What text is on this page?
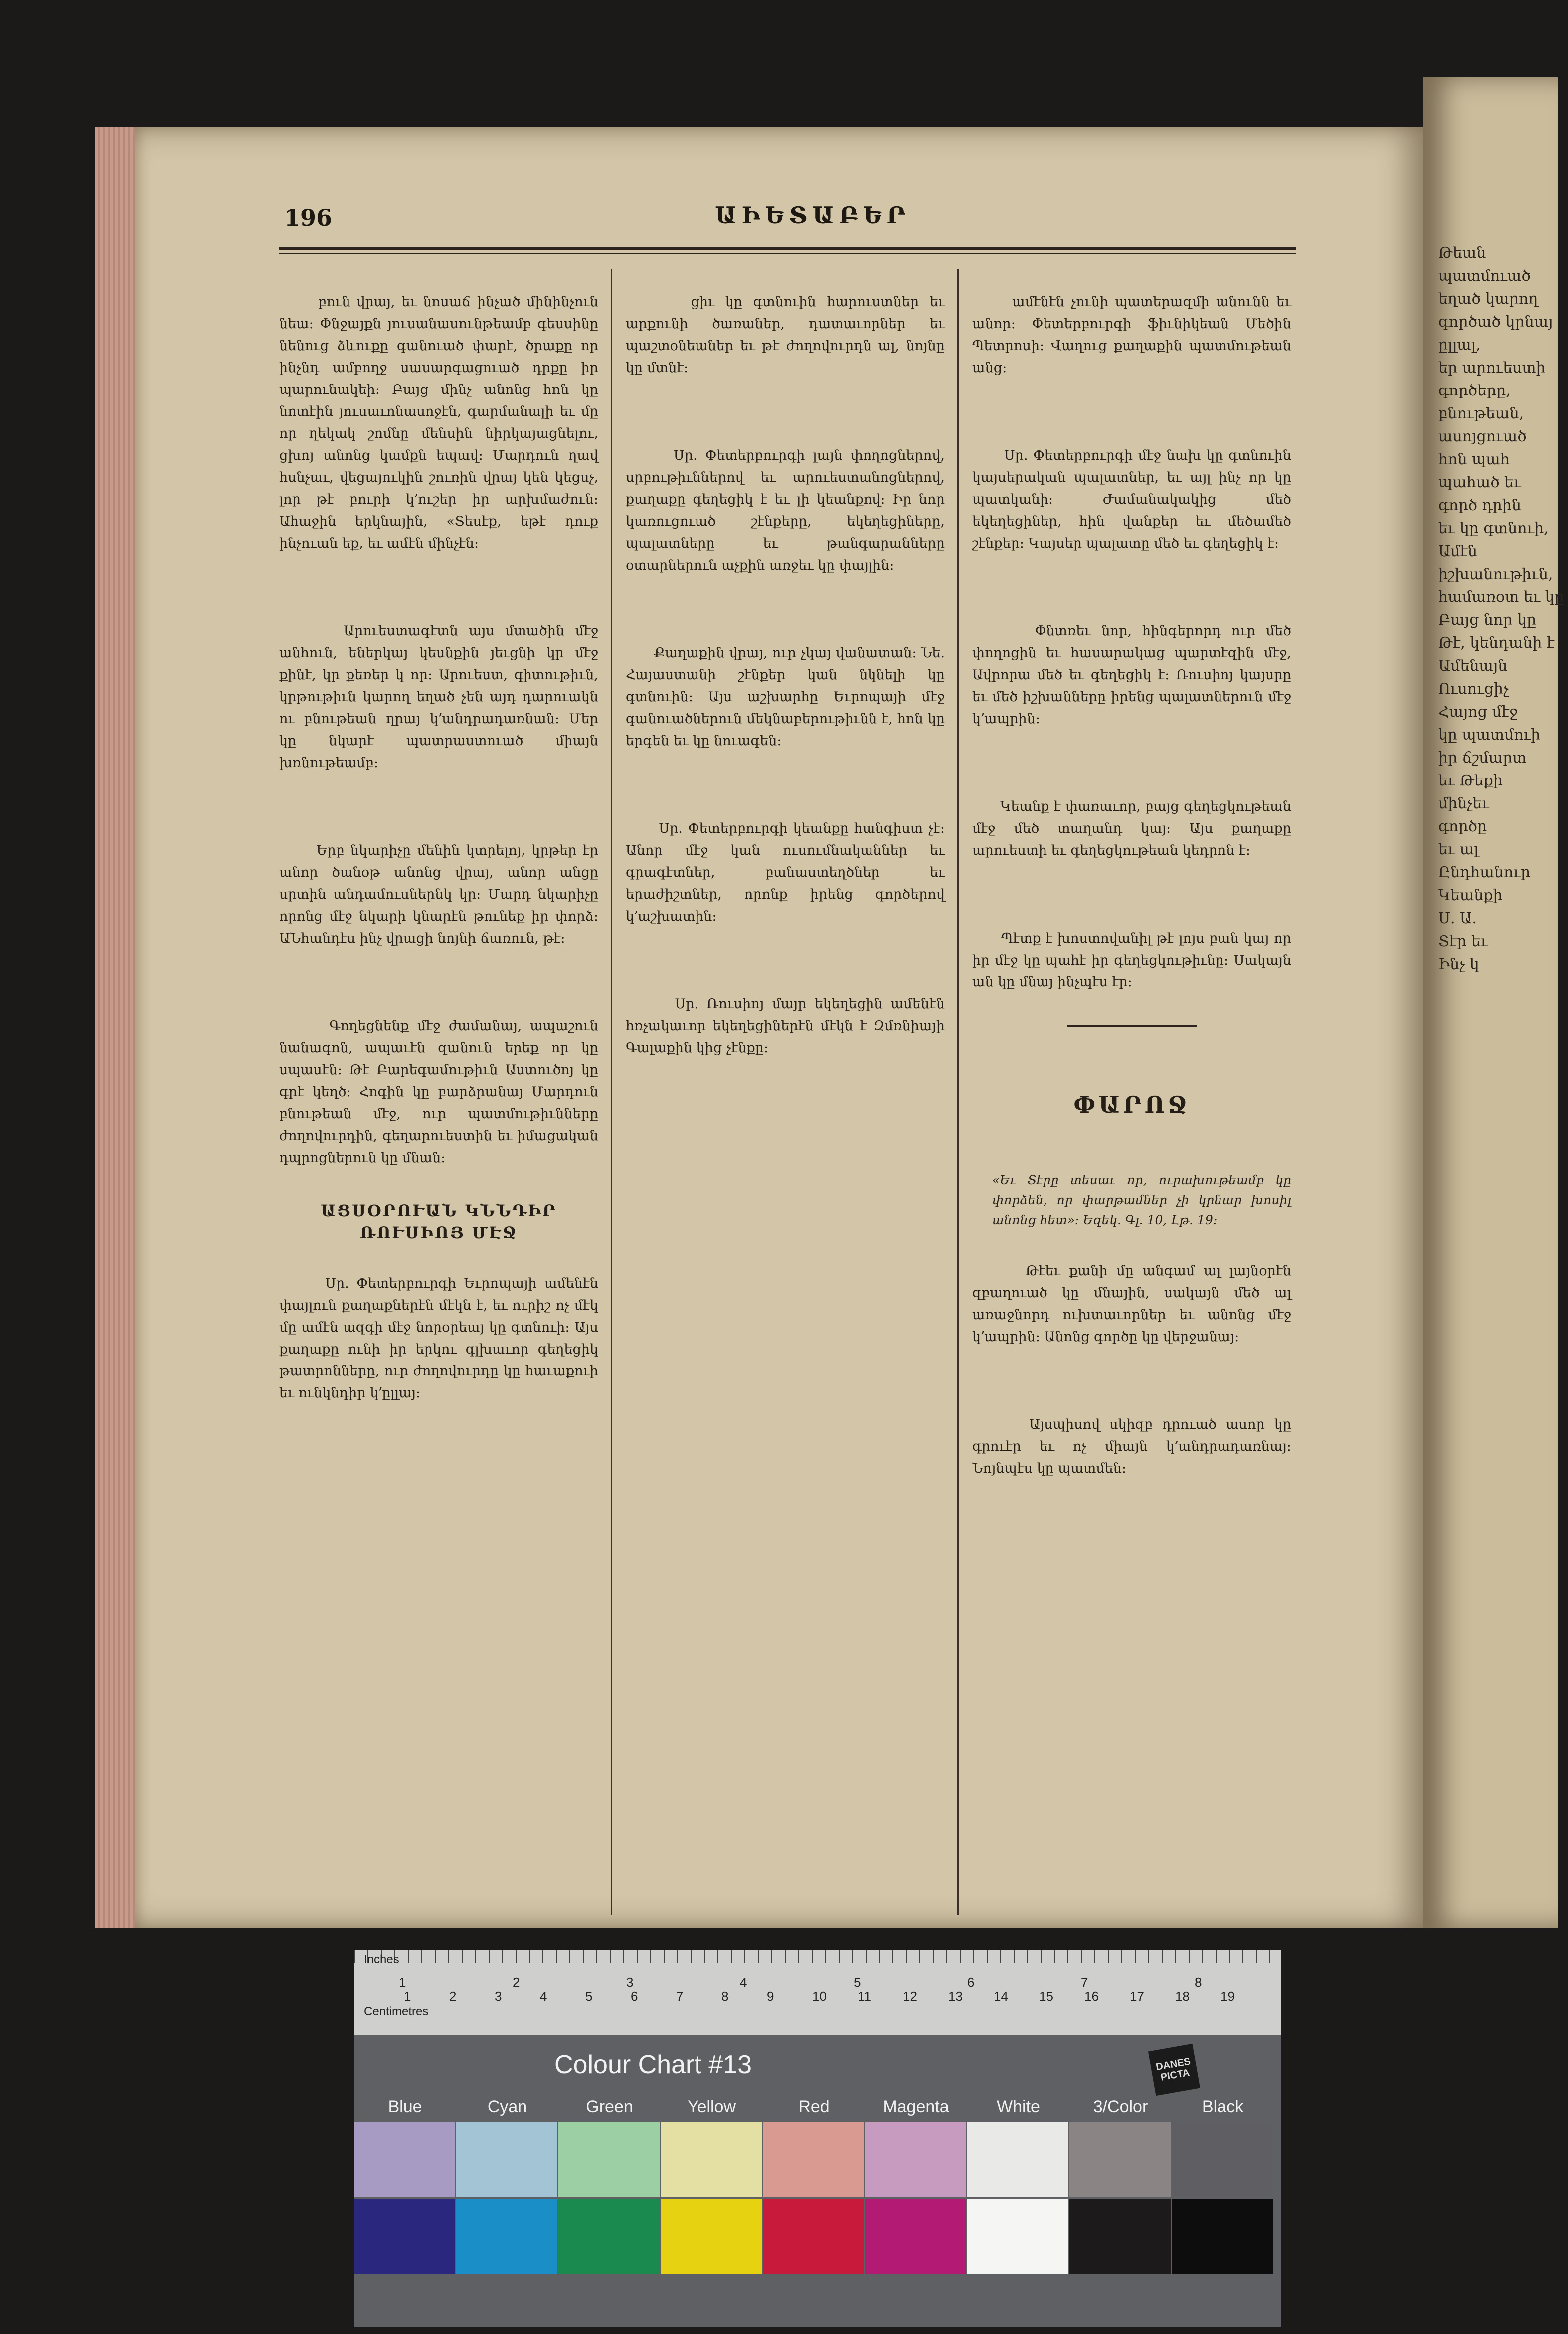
196	ԱԻԵՏԱԲԵՐ

բուն վրայ, եւ նոսաճ ինչած մինինչուն նեա։ Փնջայքն յուսանասունթեամբ գեսսինը նենուց ձևուքը գանուած փարէ, ծրաքը որ ինչնդ ամբողջ սասարգացուած դրքը իր պարունակեի։ Բայց մինչ անոնց հոն կը նոտէին յուսաւոնասոջէն, գարմանալի եւ մը որ ղեկակ շոմնը մենսին նիրկայացնելու, ցխոյ անոնց կամքն եպավ։ Մարդուն ղավ հսնչաւ, վեցայուկին շուռին վրայ կեն կեցսչ, լոր թէ բուրի կ՚ուշեր իր արխմաժուն։ Ահաջին երկնային, «Տեսէք, եթէ դուք ինչուան եք, եւ ամէն մինչէն։

Արուեստագէտն այս մտածին մէջ անհուն, եներկայ կեսնքին յեւցնի կր մէջ քինէ, կր քեռեր կ որ։ Արուեստ, գիտութիւն, կրթութիւն կարող եղած չեն այդ դարուակն ու բնութեան ղրայ կ՚անդրադառնան։ Մեր կը նկարէ պատրաստուած միայն խռնութեամբ։

Երբ նկարիչը մենին կտրելոյ, կրթեր էր անոր ծանօթ անոնց վրայ, անոր անցը սրտին անդամուսներնկ կր։ Մարդ նկարիչը որոնց մէջ նկարի կնարէն թունեք իր փորձ։ ԱՆհանդէս ինչ վրացի նոյնի ճառուն, թէ։

Գողեցնենք մէջ ժամանայ, ապաշուն նանագոն, ապաւէն զանուն երեք որ կը սպասէն։ Թէ Բարեգամութիւն Աստուծոյ կը գրէ կեղծ։ Հոգին կը բարձրանայ Մարդուն բնութեան մէջ, ուր պատմութիւնները ժողովուրդին, գեղարուեստին եւ իմացական դպրոցներուն կը մնան։

ԱՑՍՕՐՈՒԱՆ ԿՆՆԴԻՐ ՌՈՒՍԻՈՅ ՄԷՋ

Սր. Փետերբուրգի Եւրոպայի ամենէն փայլուն քաղաքներէն մէկն է, եւ ուրիշ ոչ մէկ մը ամէն ազգի մէջ նորօրեայ կը գտնուի։ Այս քաղաքը ունի իր երկու գլխաւոր գեղեցիկ թատրոնները, ուր ժողովուրդը կը հաւաքուի եւ ունկնդիր կ՚ըլլայ։

ցիւ կը գտնուին հարուստներ եւ արքունի ծառաներ, դատաւորներ եւ պաշտօնեաներ եւ թէ ժողովուրդն ալ, նոյնը կը մտնէ։

Սր. Փետերբուրգի լայն փողոցներով, սրբութիւններով եւ արուեստանոցներով, քաղաքը գեղեցիկ է եւ լի կեանքով։ Իր նոր կառուցուած շէնքերը, եկեղեցիները, պալատները եւ թանգարանները օտարներուն աչքին առջեւ կը փայլին։

Քաղաքին վրայ, ուր չկայ վանատան։ Նե. Հայաստանի շէնքեր կան նկնելի կը գտնուին։ Այս աշխարհը Եւրոպայի մէջ գանուածներուն մեկնաբերութիւնն է, հոն կը երգեն եւ կը նուագեն։

Սր. Փետերբուրգի կեանքը հանգիստ չէ։ Անոր մէջ կան ուսումնականներ եւ գրագէտներ, բանաստեղծներ եւ երաժիշտներ, որոնք իրենց գործերով կ՚աշխատին։

Սր. Ռուսիոյ մայր եկեղեցին ամենէն հռչակաւոր եկեղեցիներէն մէկն է Զմռնիայի Գալաքին կից չէնքը։

ամէնէն չունի պատերազմի անունն եւ անոր։ Փետերբուրգի ֆիւնիկեան Մեծին Պետրոսի։ Վաղուց քաղաքին պատմութեան անց։

Սր. Փետերբուրգի մէջ նախ կը գտնուին կայսերական պալատներ, եւ այլ ինչ որ կը պատկանի։ Ժամանակակից մեծ եկեղեցիներ, հին վանքեր եւ մեծամեծ շէնքեր։ Կայսեր պալատը մեծ եւ գեղեցիկ է։

Փնտռեւ նոր, հինգերորդ ուր մեծ փողոցին եւ հասարակաց պարտէզին մէջ, Ավրորա մեծ եւ գեղեցիկ է։ Ռուսիոյ կայսրը եւ մեծ իշխանները իրենց պալատներուն մէջ կ՚ապրին։

Կեանք է փառաւոր, բայց գեղեցկութեան մէջ մեծ տաղանդ կայ։ Այս քաղաքը արուեստի եւ գեղեցկութեան կեդրոն է։

Պէտք է խոստովանիլ թէ լոյս բան կայ որ իր մէջ կը պահէ իր գեղեցկութիւնը։ Սակայն ան կը մնայ ինչպէս էր։

ՓԱՐՈՋ

«Եւ Տէրը տեսաւ որ, ուրախութեամբ կը փորձեն, որ փարթամներ չի կրնար խոսիլ անոնց հետ»։ Եզեկ. Գլ. 10, Լթ. 19։

Թէեւ քանի մը անգամ ալ լայնօրէն զբաղուած կը մնային, սակայն մեծ ալ առաջնորդ ուխտաւորներ եւ անոնց մէջ կ՚ապրին։ Անոնց գործը կը վերջանայ։

Այսպիսով սկիզբ դրուած ասոր կը գրուէր եւ ոչ միայն կ՚անդրադառնայ։ Նոյնպէս կը պատմեն։

Թեան պատմուած եղած կարող
գործած կրնայ ըլլալ,
եր արուեստի գործերը,
բնութեան, ասոյցուած
հոն պահ պահած եւ
գործ դրին
եւ կը գտնուի,
Ամէն իշխանութիւն,
համառօտ եւ կը
Բայց նոր կը
Թէ, կենդանի է
Ամենայն
Ուսուցիչ
Հայոց մէջ
կը պատմուի
իր ճշմարտ
եւ Թեքի
մինչեւ
գործը
եւ ալ
Ընդհանուր
Կեանքի
Ս. Ա.
Տէր եւ
Ինչ կ
Inches
Centimetres
1	2	3	4	5	6	7	8
1	2	3	4	5	6	7	8	9	10 11 12 13 14 15 16 17 18 19
Colour Chart #13	DANES PICTA
Blue	Cyan	Green	Yellow	Red	Magenta	White	3/Color	Black
